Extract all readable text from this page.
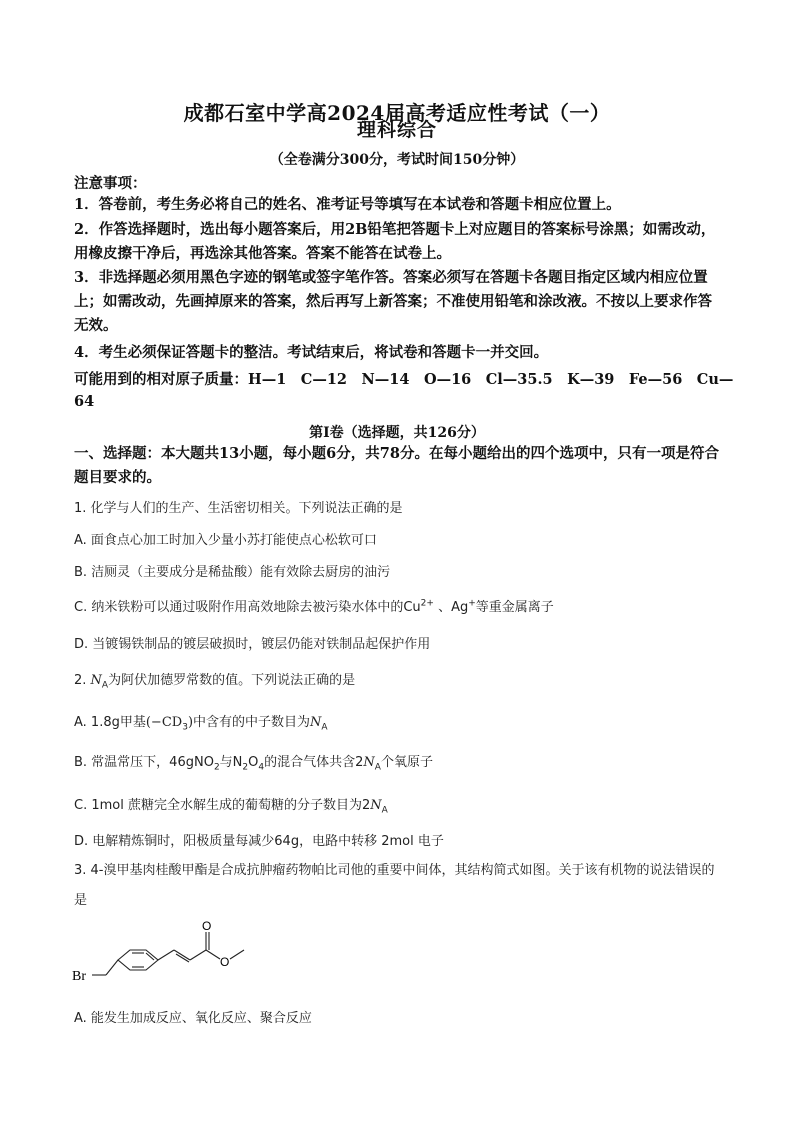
成都石室中学高2024届高考适应性考试（一）
理科综合
（全卷满分300分，考试时间150分钟）
注意事项：
1．答卷前，考生务必将自己的姓名、准考证号等填写在本试卷和答题卡相应位置上。
2．作答选择题时，选出每小题答案后，用2B铅笔把答题卡上对应题目的答案标号涂黑；如需改动，用橡皮擦干净后，再选涂其他答案。答案不能答在试卷上。
3．非选择题必须用黑色字迹的钢笔或签字笔作答。答案必须写在答题卡各题目指定区域内相应位置上；如需改动，先画掉原来的答案，然后再写上新答案；不准使用铅笔和涂改液。不按以上要求作答无效。
4．考生必须保证答题卡的整洁。考试结束后，将试卷和答题卡一并交回。
可能用到的相对原子质量：H—1　C—12　N—14　O—16　Cl—35.5　K—39　Fe—56　Cu—
64
第Ⅰ卷（选择题，共126分）
一、选择题：本大题共13小题，每小题6分，共78分。在每小题给出的四个选项中，只有一项是符合题目要求的。
1. 化学与人们的生产、生活密切相关。下列说法正确的是
A. 面食点心加工时加入少量小苏打能使点心松软可口
B. 洁厕灵（主要成分是稀盐酸）能有效除去厨房的油污
C. 纳米铁粉可以通过吸附作用高效地除去被污染水体中的$Cu^{2+}$ 、Ag+等重金属离子
D. 当镀锡铁制品的镀层破损时，镀层仍能对铁制品起保护作用
2. $N_A$为阿伏加德罗常数的值。下列说法正确的是
A. 1.8g甲基$(-CD_3)$中含有的中子数目为$N_A$
B. 常温常压下，46gNO$_2$与$N_2O_4$的混合气体共含$2N_A$个氧原子
C. 1mol 蔗糖完全水解生成的葡萄糖的分子数目为$2N_A$
D. 电解精炼铜时，阳极质量每减少64g，电路中转移 2mol 电子
3. 4-溴甲基肉桂酸甲酯是合成抗肿瘤药物帕比司他的重要中间体，其结构简式如图。关于该有机物的说法错误的是
Br
O
O
A. 能发生加成反应、氧化反应、聚合反应
